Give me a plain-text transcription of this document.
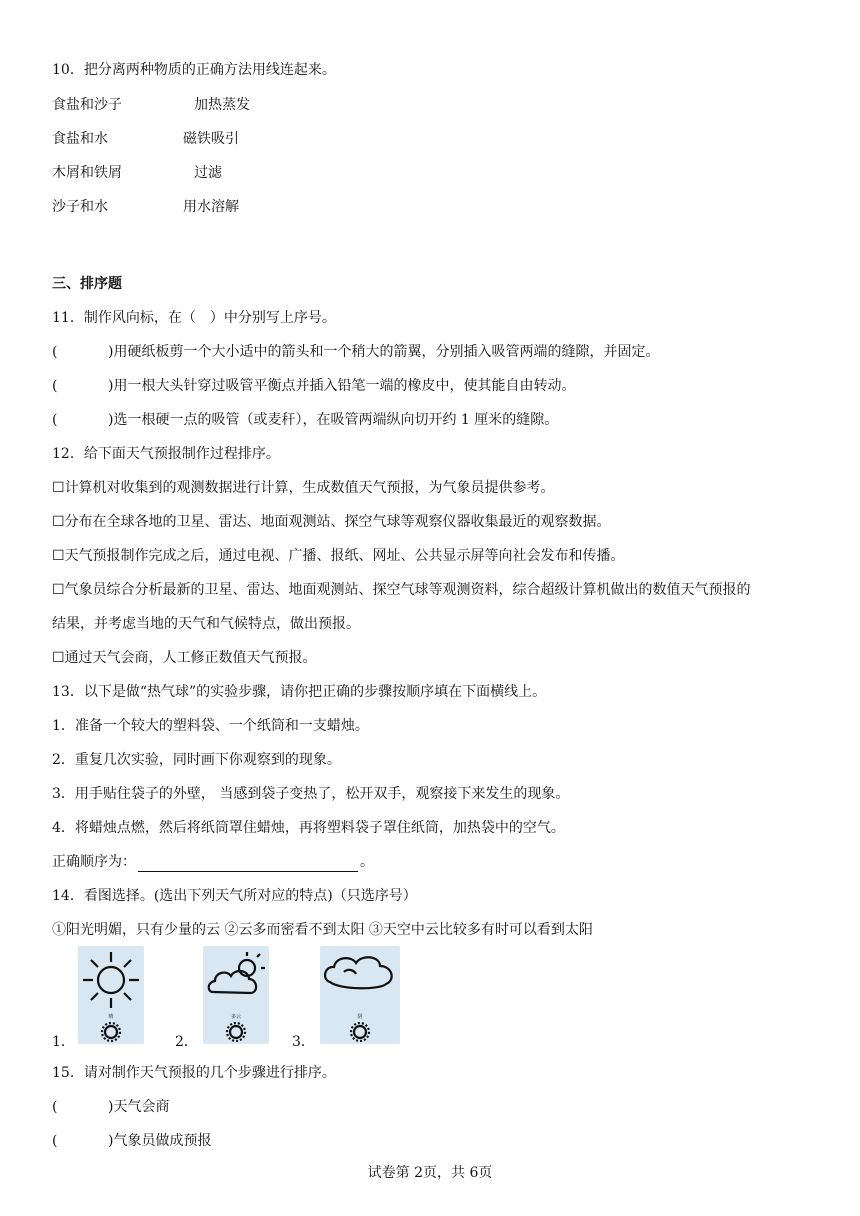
10．把分离两种物质的正确方法用线连起来。
食盐和沙子	加热蒸发
食盐和水	磁铁吸引
木屑和铁屑	过滤
沙子和水	用水溶解
三、排序题
11．制作风向标，在（　）中分别写上序号。
(	)用硬纸板剪一个大小适中的箭头和一个稍大的箭翼，分别插入吸管两端的缝隙，并固定。
(	)用一根大头针穿过吸管平衡点并插入铅笔一端的橡皮中，使其能自由转动。
(	)选一根硬一点的吸管（或麦秆），在吸管两端纵向切开约 1 厘米的缝隙。
12．给下面天气预报制作过程排序。
☐计算机对收集到的观测数据进行计算，生成数值天气预报，为气象员提供参考。
☐分布在全球各地的卫星、雷达、地面观测站、探空气球等观察仪器收集最近的观察数据。
☐天气预报制作完成之后，通过电视、广播、报纸、网址、公共显示屏等向社会发布和传播。
☐气象员综合分析最新的卫星、雷达、地面观测站、探空气球等观测资料，综合超级计算机做出的数值天气预报的
结果，并考虑当地的天气和气候特点，做出预报。
☐通过天气会商，人工修正数值天气预报。
13．以下是做“热气球”的实验步骤，请你把正确的步骤按顺序填在下面横线上。
1．准备一个较大的塑料袋、一个纸筒和一支蜡烛。
2．重复几次实验，同时画下你观察到的现象。
3．用手贴住袋子的外壁， 当感到袋子变热了，松开双手，观察接下来发生的现象。
4．将蜡烛点燃，然后将纸筒罩住蜡烛，再将塑料袋子罩住纸筒，加热袋中的空气。
正确顺序为：	。
14．看图选择。(选出下列天气所对应的特点)（只选序号）
①阳光明媚，只有少量的云 ②云多而密看不到太阳 ③天空中云比较多有时可以看到太阳
1．
晴
2．
多云
3．
阴
15．请对制作天气预报的几个步骤进行排序。
(	)天气会商
(	)气象员做成预报
试卷第 2页，共 6页
